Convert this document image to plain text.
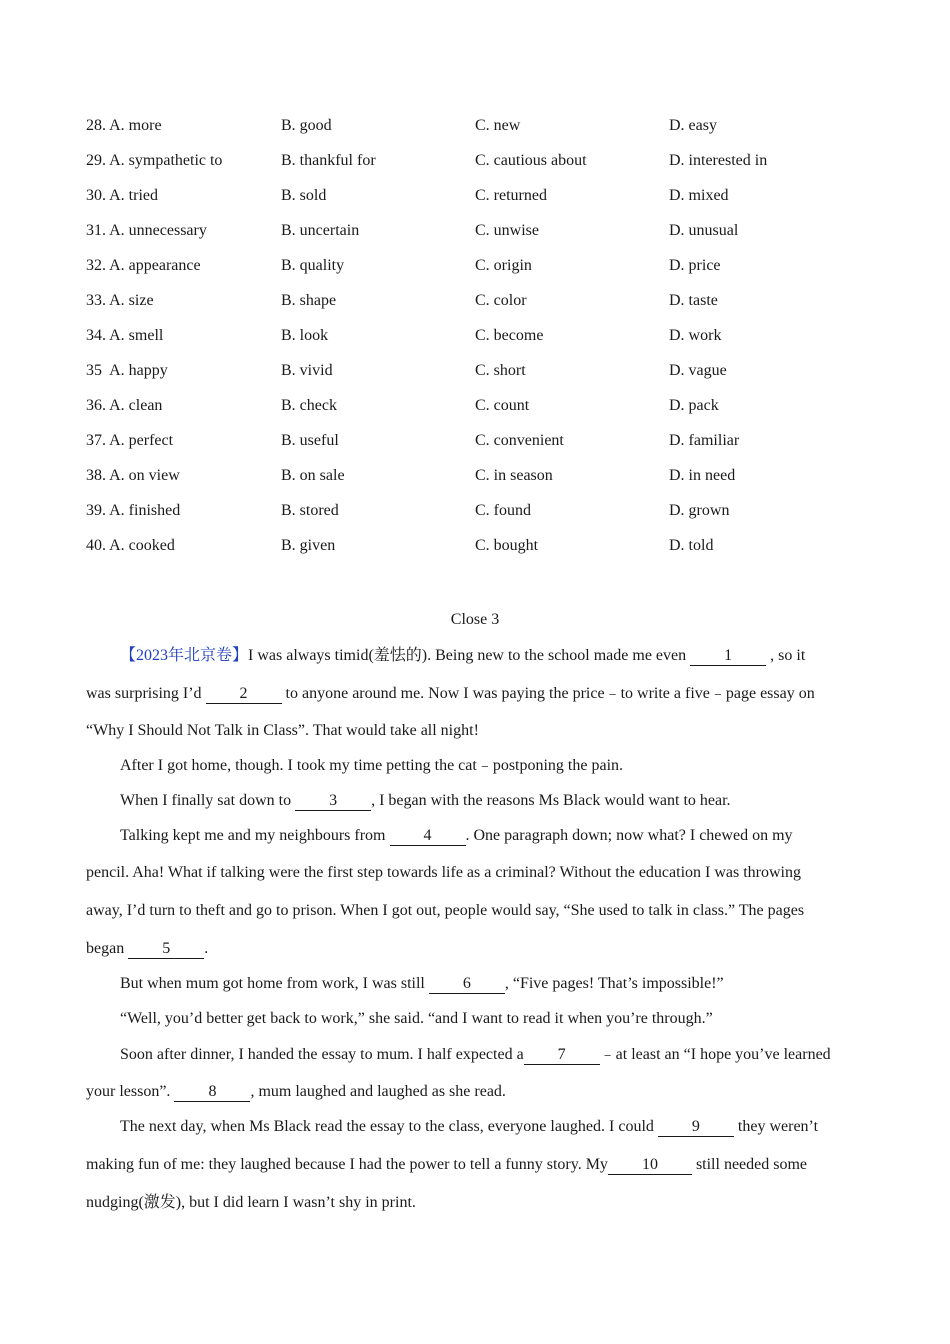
28. A. more	B. good	C. new	D. easy
29. A. sympathetic to	B. thankful for	C. cautious about	D. interested in
30. A. tried	B. sold	C. returned	D. mixed
31. A. unnecessary	B. uncertain	C. unwise	D. unusual
32. A. appearance	B. quality	C. origin	D. price
33. A. size	B. shape	C. color	D. taste
34. A. smell	B. look	C. become	D. work
35  A. happy	B. vivid	C. short	D. vague
36. A. clean	B. check	C. count	D. pack
37. A. perfect	B. useful	C. convenient	D. familiar
38. A. on view	B. on sale	C. in season	D. in need
39. A. finished	B. stored	C. found	D. grown
40. A. cooked	B. given	C. bought	D. told
Close 3
【2023年北京卷】I was always timid(羞怯的). Being new to the school made me even 1 , so it
was surprising I’d 2 to anyone around me. Now I was paying the price﹣to write a five﹣page essay on
“Why I Should Not Talk in Class”. That would take all night!
After I got home, though. I took my time petting the cat﹣postponing the pain.
When I finally sat down to 3 , I began with the reasons Ms Black would want to hear.
Talking kept me and my neighbours from 4 . One paragraph down; now what? I chewed on my
pencil. Aha! What if talking were the first step towards life as a criminal? Without the education I was throwing
away, I’d turn to theft and go to prison. When I got out, people would say, “She used to talk in class.” The pages
began 5 .
But when mum got home from work, I was still 6 , “Five pages! That’s impossible!”
“Well, you’d better get back to work,” she said. “and I want to read it when you’re through.”
Soon after dinner, I handed the essay to mum. I half expected a 7 ﹣at least an “I hope you’ve learned
your lesson”. 8 , mum laughed and laughed as she read.
The next day, when Ms Black read the essay to the class, everyone laughed. I could 9 they weren’t
making fun of me: they laughed because I had the power to tell a funny story. My 10 still needed some
nudging(激发), but I did learn I wasn’t shy in print.
